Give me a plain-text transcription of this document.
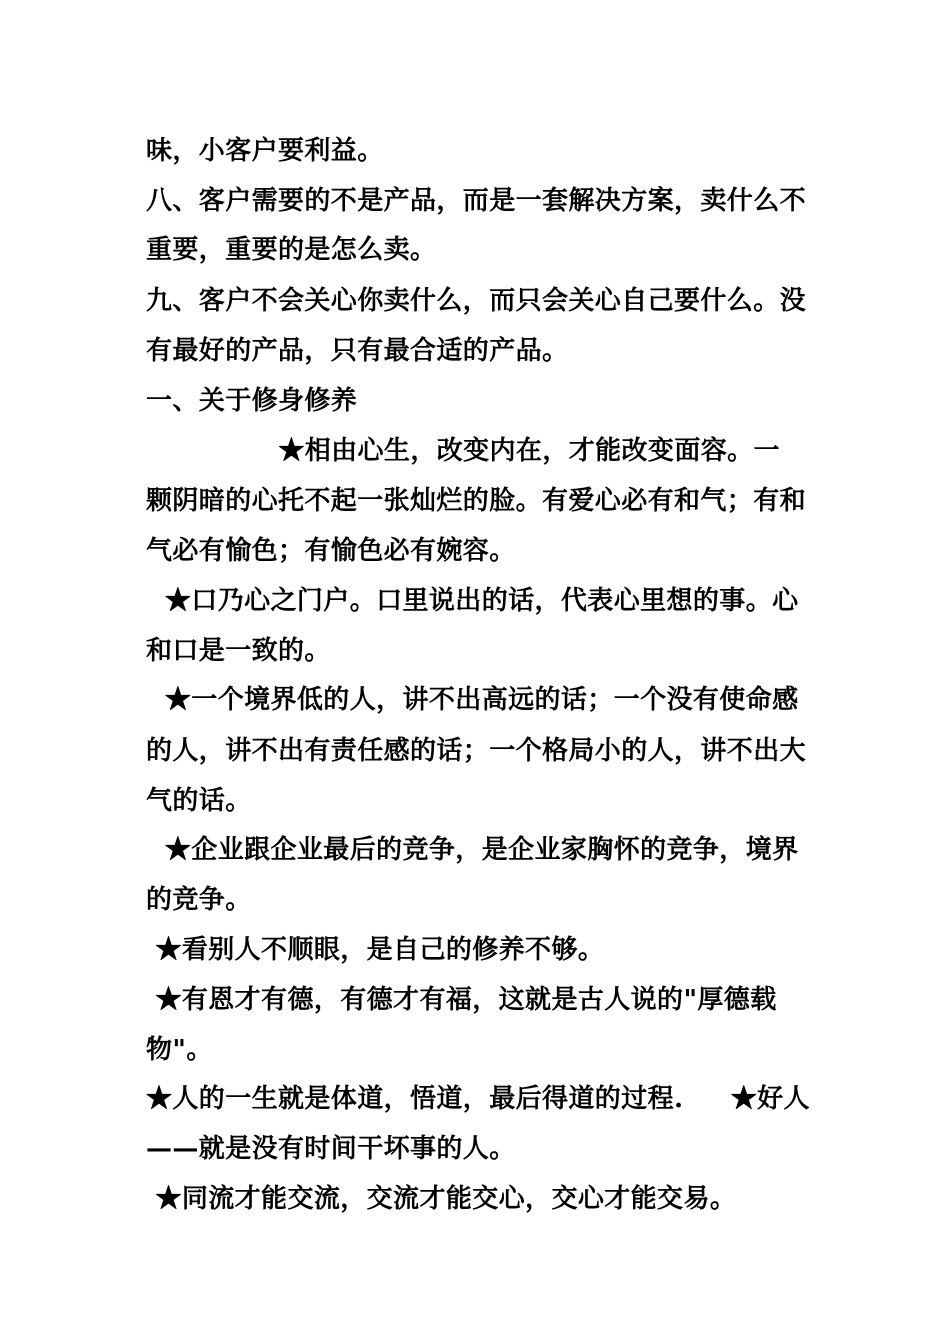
味，小客户要利益。
八、客户需要的不是产品，而是一套解决方案，卖什么不
重要，重要的是怎么卖。
九、客户不会关心你卖什么，而只会关心自己要什么。没
有最好的产品，只有最合适的产品。
一、关于修身修养
★相由心生，改变内在，才能改变面容。一
颗阴暗的心托不起一张灿烂的脸。有爱心必有和气；有和
气必有愉色；有愉色必有婉容。
★口乃心之门户。口里说出的话，代表心里想的事。心
和口是一致的。
★一个境界低的人，讲不出高远的话；一个没有使命感
的人，讲不出有责任感的话；一个格局小的人，讲不出大
气的话。
★企业跟企业最后的竞争，是企业家胸怀的竞争，境界
的竞争。
★看别人不顺眼，是自己的修养不够。
★有恩才有德，有德才有福，这就是古人说的"厚德载
物"。
★人的一生就是体道，悟道，最后得道的过程.     ★好人
——就是没有时间干坏事的人。
★同流才能交流，交流才能交心，交心才能交易。
